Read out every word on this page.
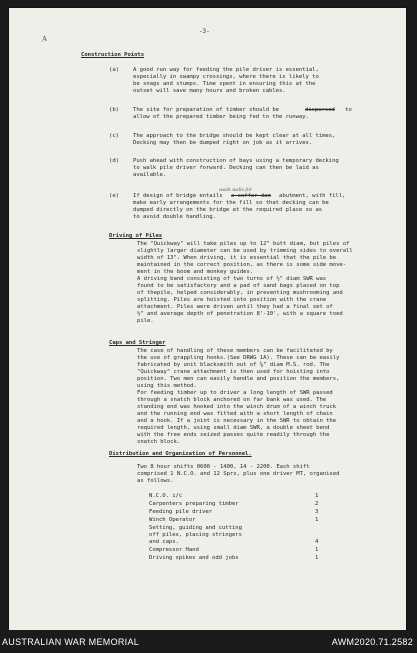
-3-
A
Construction Points
(a)	A good run way for feeding the pile driver is essential,
especially in swampy crossings, where there is likely to
be snags and stumps. Time spent in ensuring this at the
outset will save many hours and broken cables.
(b)	The site for preparation of timber should be	dispersed to
allow of the prepared timber being fed to the runway.
(c)	The approach to the bridge should be kept clear at all times,
Decking may then be dumped right on job as it arrives.
(d)	Push ahead with construction of bays using a temporary decking
to walk pile driver forward. Decking can then be laid as
available.
wash walls for
(e)	If design of bridge entails a coffer dam abutment, with fill,
make early arrangements for the fill so that decking can be
dumped directly on the bridge at the required place so as
to avoid double handling.
Driving of Piles
The "Quickway" will take piles up to 12" butt diam, but piles of
slightly larger diameter can be used by trimming sides to overall
width of 13". When driving, it is essential that the pile be
maintained in the correct position, as there is some side move-
ment in the boom and monkey guides.
A driving band consisting of two turns of ½" diam SWR was
found to be satisfactory and a pad of sand bags placed on top
of thepile, helped considerably, in preventing mushrooming and
splitting. Piles are hoisted into position with the crane
attachment. Piles were driven until they had a final set of
½" and average depth of penetration 8'-10', with a square toed
pile.
Caps and Stringer
The case of handling of these members can be facilitated by
the use of grappling hooks.(See DRWG 1A). These can be easily
fabricated by unit blacksmith out of ⅝" diam M.S. rod. The
"Quickway" crane attachment is then used for hoisting into
position. Two men can easily handle and position the members,
using this method.
For feeding timber up to driver a long length of SWR passed
through a snatch block anchored on far bank was used. The
standing end was hooked into the winch drum of a winch truck
and the running end was fitted with a short length of chain
and a hook. If a joint is necessary in the SWR to obtain the
required length, using small diam SWR, a double sheet bend
with the free ends seized passes quite readily through the
snatch block.
Distribution and Organization of Personnel.
Two 8 hour shifts 0600 - 1400, 14 - 2200. Each shift
comprised 1 N.C.O. and 12 Sprs, plus one driver MT, organised
as follows.
N.C.O. i/c	1
Carpenters preparing timber	2
Feeding pile driver	3
Winch Operator	1
Setting, guiding and cutting
off piles, placing stringers
and caps.	4
Compressor Hand	1
Driving spikes and odd jobs	1
AUSTRALIAN WAR MEMORIAL	AWM2020.71.2582
